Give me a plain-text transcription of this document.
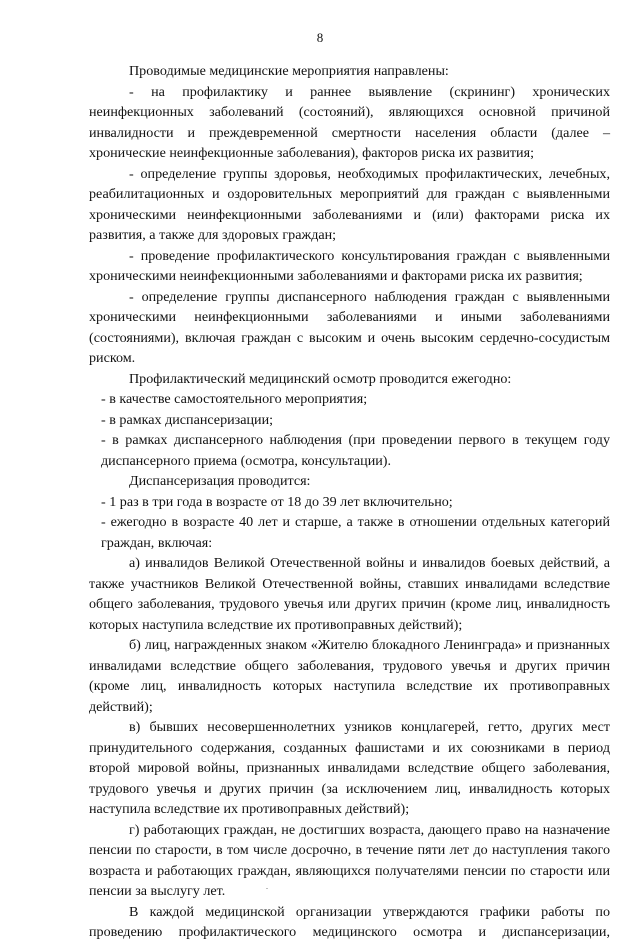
8

Проводимые медицинские мероприятия направлены:

- на профилактику и раннее выявление (скрининг) хронических неинфекционных заболеваний (состояний), являющихся основной причиной инвалидности и преждевременной смертности населения области (далее – хронические неинфекционные заболевания), факторов риска их развития;

- определение группы здоровья, необходимых профилактических, лечебных, реабилитационных и оздоровительных мероприятий для граждан с выявленными хроническими неинфекционными заболеваниями и (или) факторами риска их развития, а также для здоровых граждан;

- проведение профилактического консультирования граждан с выявленными хроническими неинфекционными заболеваниями и факторами риска их развития;

- определение группы диспансерного наблюдения граждан с выявленными хроническими неинфекционными заболеваниями и иными заболеваниями (состояниями), включая граждан с высоким и очень высоким сердечно-сосудистым риском.

Профилактический медицинский осмотр проводится ежегодно:

- в качестве самостоятельного мероприятия;

- в рамках диспансеризации;

- в рамках диспансерного наблюдения (при проведении первого в текущем году диспансерного приема (осмотра, консультации).

Диспансеризация проводится:

- 1 раз в три года в возрасте от 18 до 39 лет включительно;

- ежегодно в возрасте 40 лет и старше, а также в отношении отдельных категорий граждан, включая:

а) инвалидов Великой Отечественной войны и инвалидов боевых действий, а также участников Великой Отечественной войны, ставших инвалидами вследствие общего заболевания, трудового увечья или других причин (кроме лиц, инвалидность которых наступила вследствие их противоправных действий);

б) лиц, награжденных знаком «Жителю блокадного Ленинграда» и признанных инвалидами вследствие общего заболевания, трудового увечья и других причин (кроме лиц, инвалидность которых наступила вследствие их противоправных действий);

в) бывших несовершеннолетних узников концлагерей, гетто, других мест принудительного содержания, созданных фашистами и их союзниками в период второй мировой войны, признанных инвалидами вследствие общего заболевания, трудового увечья и других причин (за исключением лиц, инвалидность которых наступила вследствие их противоправных действий);

г) работающих граждан, не достигших возраста, дающего право на назначение пенсии по старости, в том числе досрочно, в течение пяти лет до наступления такого возраста и работающих граждан, являющихся получателями пенсии по старости или пенсии за выслугу лет.

В каждой медицинской организации утверждаются графики работы по проведению профилактического медицинского осмотра и диспансеризации,

.
